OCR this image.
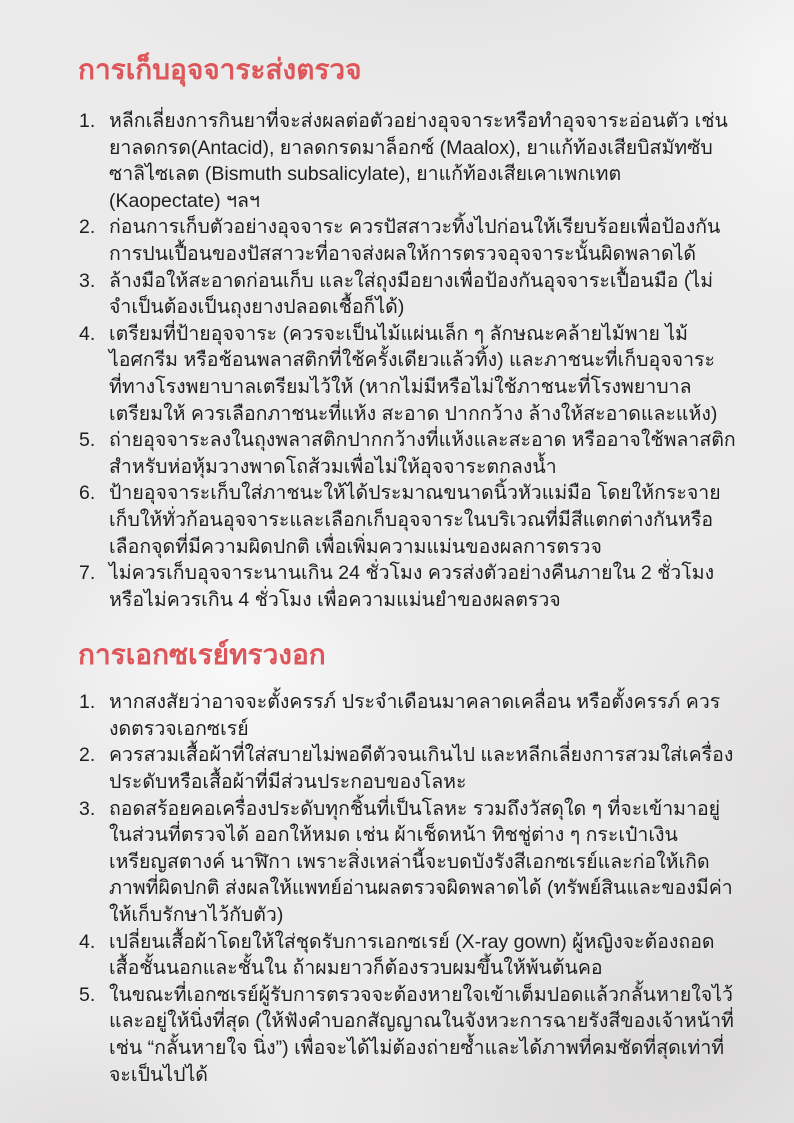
การเก็บอุจจาระส่งตรวจ
หลีกเลี่ยงการกินยาที่จะส่งผลต่อตัวอย่างอุจจาระหรือทำอุจจาระอ่อนตัว เช่น ยาลดกรด(Antacid), ยาลดกรดมาล็อกซ์ (Maalox), ยาแก้ท้องเสียบิสมัทซับซาลิไซเลต (Bismuth subsalicylate), ยาแก้ท้องเสียเคาเพกเทต (Kaopectate) ฯลฯ
ก่อนการเก็บตัวอย่างอุจจาระ ควรปัสสาวะทิ้งไปก่อนให้เรียบร้อยเพื่อป้องกันการปนเปื้อนของปัสสาวะที่อาจส่งผลให้การตรวจอุจจาระนั้นผิดพลาดได้
ล้างมือให้สะอาดก่อนเก็บ และใส่ถุงมือยางเพื่อป้องกันอุจจาระเปื้อนมือ (ไม่จำเป็นต้องเป็นถุงยางปลอดเชื้อก็ได้)
เตรียมที่ป้ายอุจจาระ (ควรจะเป็นไม้แผ่นเล็ก ๆ ลักษณะคล้ายไม้พาย ไม้ไอศกรีม หรือช้อนพลาสติกที่ใช้ครั้งเดียวแล้วทิ้ง) และภาชนะที่เก็บอุจจาระที่ทางโรงพยาบาลเตรียมไว้ให้ (หากไม่มีหรือไม่ใช้ภาชนะที่โรงพยาบาลเตรียมให้ ควรเลือกภาชนะที่แห้ง สะอาด ปากกว้าง ล้างให้สะอาดและแห้ง)
ถ่ายอุจจาระลงในถุงพลาสติกปากกว้างที่แห้งและสะอาด หรืออาจใช้พลาสติกสำหรับห่อหุ้มวางพาดโถส้วมเพื่อไม่ให้อุจจาระตกลงน้ำ
ป้ายอุจจาระเก็บใส่ภาชนะให้ได้ประมาณขนาดนิ้วหัวแม่มือ โดยให้กระจายเก็บให้ทั่วก้อนอุจจาระและเลือกเก็บอุจจาระในบริเวณที่มีสีแตกต่างกันหรือเลือกจุดที่มีความผิดปกติ เพื่อเพิ่มความแม่นของผลการตรวจ
ไม่ควรเก็บอุจจาระนานเกิน 24 ชั่วโมง ควรส่งตัวอย่างคืนภายใน 2 ชั่วโมง หรือไม่ควรเกิน 4 ชั่วโมง เพื่อความแม่นยำของผลตรวจ
การเอกซเรย์ทรวงอก
หากสงสัยว่าอาจจะตั้งครรภ์ ประจำเดือนมาคลาดเคลื่อน หรือตั้งครรภ์ ควรงดตรวจเอกซเรย์
ควรสวมเสื้อผ้าที่ใส่สบายไม่พอดีตัวจนเกินไป และหลีกเลี่ยงการสวมใส่เครื่องประดับหรือเสื้อผ้าที่มีส่วนประกอบของโลหะ
ถอดสร้อยคอเครื่องประดับทุกชิ้นที่เป็นโลหะ รวมถึงวัสดุใด ๆ ที่จะเข้ามาอยู่ในส่วนที่ตรวจได้ ออกให้หมด เช่น ผ้าเช็ดหน้า ทิชชู่ต่าง ๆ กระเป๋าเงิน เหรียญสตางค์ นาฬิกา เพราะสิ่งเหล่านี้จะบดบังรังสีเอกซเรย์และก่อให้เกิดภาพที่ผิดปกติ ส่งผลให้แพทย์อ่านผลตรวจผิดพลาดได้ (ทรัพย์สินและของมีค่าให้เก็บรักษาไว้กับตัว)
เปลี่ยนเสื้อผ้าโดยให้ใส่ชุดรับการเอกซเรย์ (X-ray gown) ผู้หญิงจะต้องถอดเสื้อชั้นนอกและชั้นใน ถ้าผมยาวก็ต้องรวบผมขึ้นให้พ้นต้นคอ
ในขณะที่เอกซเรย์ผู้รับการตรวจจะต้องหายใจเข้าเต็มปอดแล้วกลั้นหายใจไว้ และอยู่ให้นิ่งที่สุด (ให้ฟังคำบอกสัญญาณในจังหวะการฉายรังสีของเจ้าหน้าที่ เช่น “กลั้นหายใจ นิ่ง”) เพื่อจะได้ไม่ต้องถ่ายซ้ำและได้ภาพที่คมชัดที่สุดเท่าที่จะเป็นไปได้
